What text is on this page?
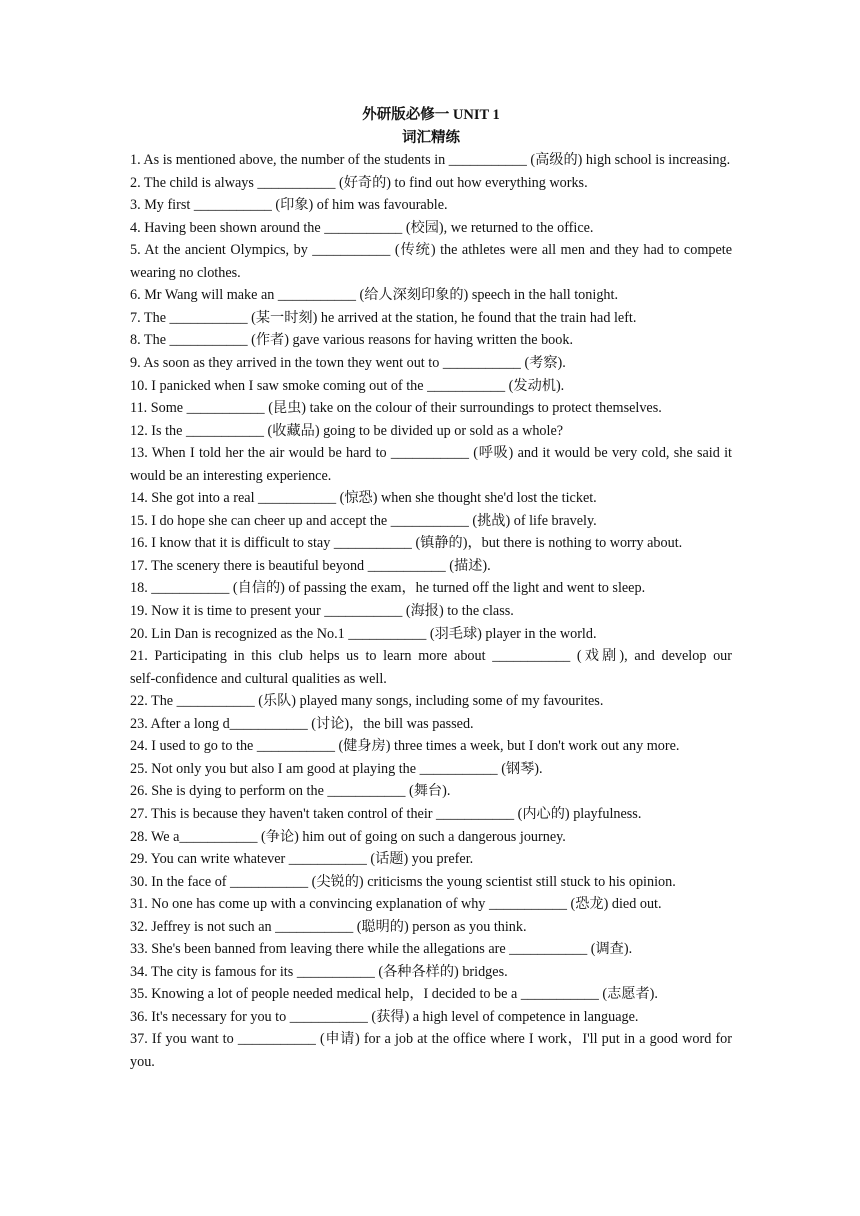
外研版必修一 UNIT 1
词汇精练

1. As is mentioned above, the number of the students in ___________ (高级的) high school is increasing.

2. The child is always ___________ (好奇的) to find out how everything works.

3. My first ___________ (印象) of him was favourable.

4. Having been shown around the ___________ (校园), we returned to the office.

5. At the ancient Olympics, by ___________ (传统) the athletes were all men and they had to compete wearing no clothes.

6. Mr Wang will make an ___________ (给人深刻印象的) speech in the hall tonight.

7. The ___________ (某一时刻) he arrived at the station, he found that the train had left.

8. The ___________ (作者) gave various reasons for having written the book.

9. As soon as they arrived in the town they went out to ___________ (考察).

10. I panicked when I saw smoke coming out of the ___________ (发动机).

11. Some ___________ (昆虫) take on the colour of their surroundings to protect themselves.

12. Is the ___________ (收藏品) going to be divided up or sold as a whole?

13. When I told her the air would be hard to ___________ (呼吸) and it would be very cold, she said it would be an interesting experience.

14. She got into a real ___________ (惊恐) when she thought she'd lost the ticket.

15. I do hope she can cheer up and accept the ___________ (挑战) of life bravely.

16. I know that it is difficult to stay ___________ (镇静的)，but there is nothing to worry about.

17. The scenery there is beautiful beyond ___________ (描述).

18. ___________ (自信的) of passing the exam，he turned off the light and went to sleep.

19. Now it is time to present your ___________ (海报) to the class.

20. Lin Dan is recognized as the No.1 ___________ (羽毛球) player in the world.

21. Participating in this club helps us to learn more about ___________ (戏剧), and develop our self‑confidence and cultural qualities as well.

22. The ___________ (乐队) played many songs, including some of my favourites.

23. After a long d___________ (讨论)，the bill was passed.

24. I used to go to the ___________ (健身房) three times a week, but I don't work out any more.

25. Not only you but also I am good at playing the ___________ (钢琴).

26. She is dying to perform on the ___________ (舞台).

27. This is because they haven't taken control of their ___________ (内心的) playfulness.

28. We a___________ (争论) him out of going on such a dangerous journey.

29. You can write whatever ___________ (话题) you prefer.

30. In the face of ___________ (尖锐的) criticisms the young scientist still stuck to his opinion.

31. No one has come up with a convincing explanation of why ___________ (恐龙) died out.

32. Jeffrey is not such an ___________ (聪明的) person as you think.

33. She's been banned from leaving there while the allegations are ___________ (调查).

34. The city is famous for its ___________ (各种各样的) bridges.

35. Knowing a lot of people needed medical help，I decided to be a ___________ (志愿者).

36. It's necessary for you to ___________ (获得) a high level of competence in language.

37. If you want to ___________ (申请) for a job at the office where I work，I'll put in a good word for you.
